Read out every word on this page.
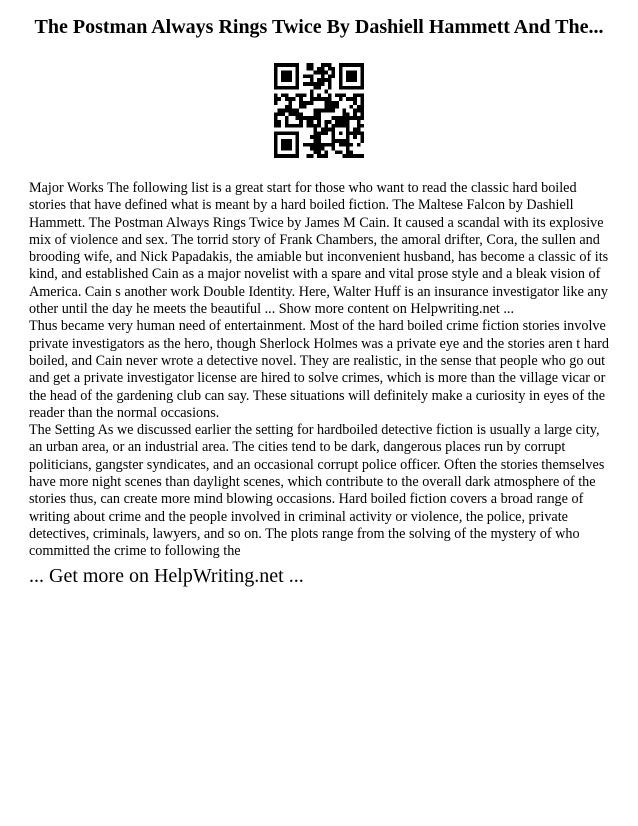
The Postman Always Rings Twice By Dashiell Hammett And The...

Major Works The following list is a great start for those who want to read the classic hard boiled stories that have defined what is meant by a hard boiled fiction. The Maltese Falcon by Dashiell Hammett. The Postman Always Rings Twice by James M Cain. It caused a scandal with its explosive mix of violence and sex. The torrid story of Frank Chambers, the amoral drifter, Cora, the sullen and brooding wife, and Nick Papadakis, the amiable but inconvenient husband, has become a classic of its kind, and established Cain as a major novelist with a spare and vital prose style and a bleak vision of America. Cain s another work Double Identity. Here, Walter Huff is an insurance investigator like any other until the day he meets the beautiful ... Show more content on Helpwriting.net ...

Thus became very human need of entertainment. Most of the hard boiled crime fiction stories involve private investigators as the hero, though Sherlock Holmes was a private eye and the stories aren t hard boiled, and Cain never wrote a detective novel. They are realistic, in the sense that people who go out and get a private investigator license are hired to solve crimes, which is more than the village vicar or the head of the gardening club can say. These situations will definitely make a curiosity in eyes of the reader than the normal occasions.

The Setting As we discussed earlier the setting for hardboiled detective fiction is usually a large city, an urban area, or an industrial area. The cities tend to be dark, dangerous places run by corrupt politicians, gangster syndicates, and an occasional corrupt police officer. Often the stories themselves have more night scenes than daylight scenes, which contribute to the overall dark atmosphere of the stories thus, can create more mind blowing occasions. Hard boiled fiction covers a broad range of writing about crime and the people involved in criminal activity or violence, the police, private detectives, criminals, lawyers, and so on. The plots range from the solving of the mystery of who committed the crime to following the

... Get more on HelpWriting.net ...
